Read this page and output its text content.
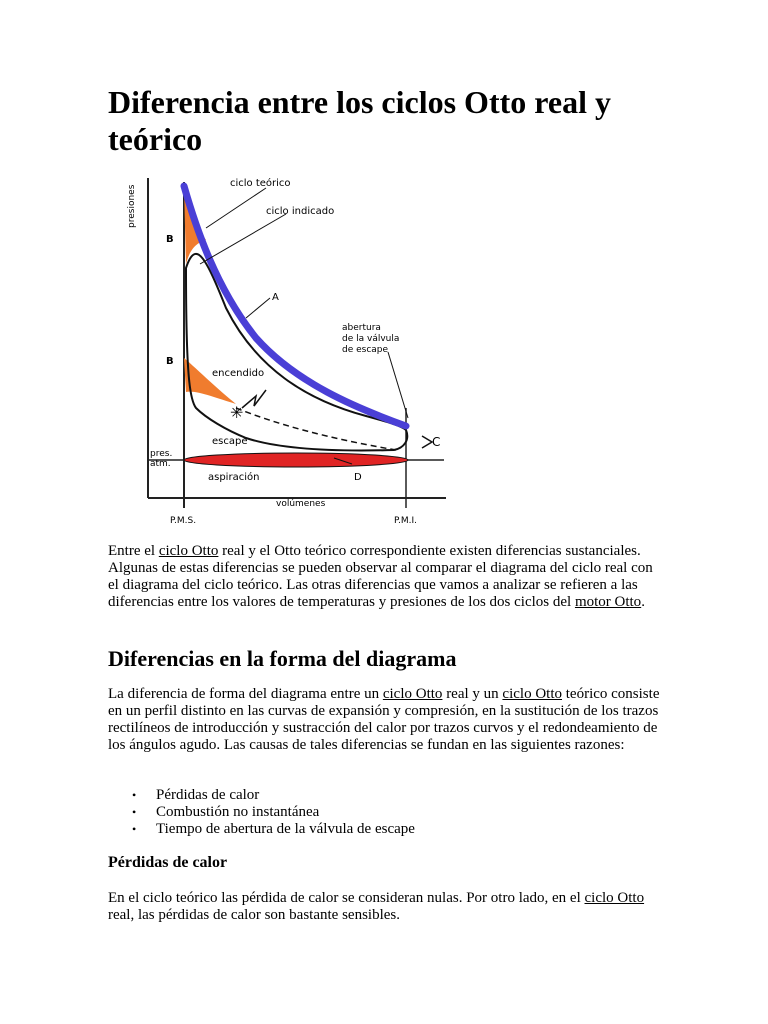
Diferencia entre los ciclos Otto real y teórico
✳
presiones
ciclo teórico
ciclo indicado
A
B
B
abertura
de la válvula
de escape
encendido
escape	C
pres.
atm.
aspiración	D
volúmenes
P.M.S.	P.M.I.

Entre el ciclo Otto real y el Otto teórico correspondiente existen diferencias sustanciales. Algunas de estas diferencias se pueden observar al comparar el diagrama del ciclo real con el diagrama del ciclo teórico. Las otras diferencias que vamos a analizar se refieren a las diferencias entre los valores de temperaturas y presiones de los dos ciclos del motor Otto.

Diferencias en la forma del diagrama

La diferencia de forma del diagrama entre un ciclo Otto real y un ciclo Otto teórico consiste en un perfil distinto en las curvas de expansión y compresión, en la sustitución de los trazos rectilíneos de introducción y sustracción del calor por trazos curvos y el redondeamiento de los ángulos agudo. Las causas de tales diferencias se fundan en las siguientes razones:

• Pérdidas de calor
• Combustión no instantánea
• Tiempo de abertura de la válvula de escape
Pérdidas de calor

En el ciclo teórico las pérdida de calor se consideran nulas. Por otro lado, en el ciclo Otto real, las pérdidas de calor son bastante sensibles.
